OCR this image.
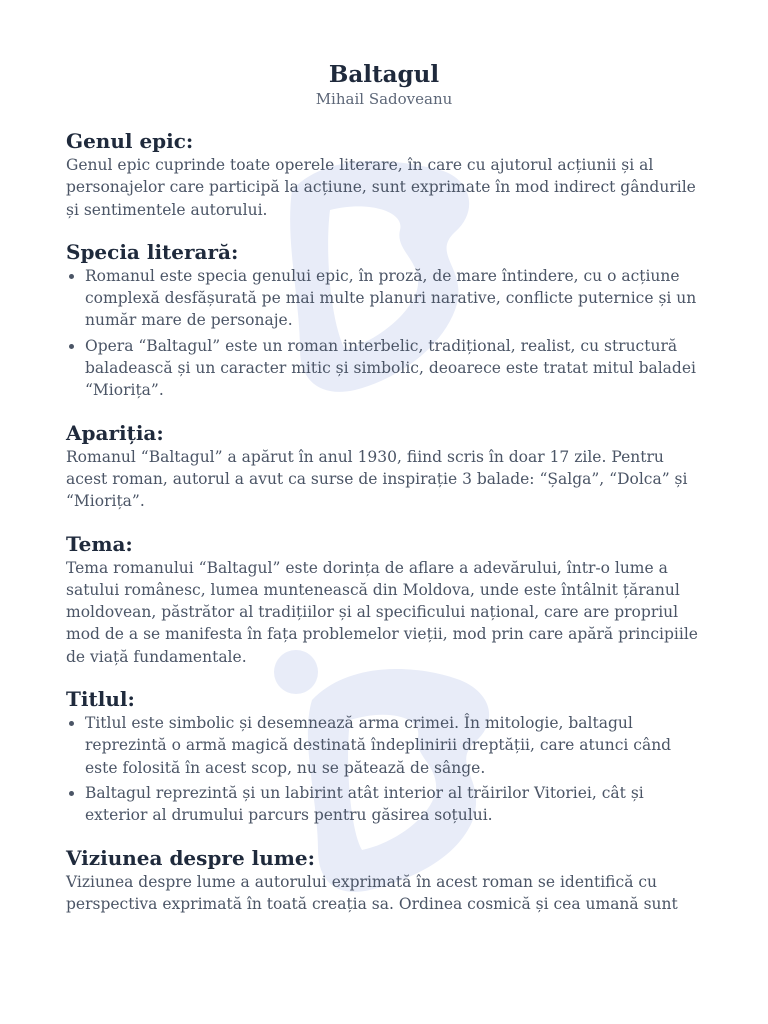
Baltagul
Mihail Sadoveanu
Genul epic:

Genul epic cuprinde toate operele literare, în care cu ajutorul acțiunii și al personajelor care participă la acțiune, sunt exprimate în mod indirect gândurile și sentimentele autorului.

Specia literară:
• Romanul este specia genului epic, în proză, de mare întindere, cu o acțiune complexă desfășurată pe mai multe planuri narative, conflicte puternice și un număr mare de personaje.
• Opera “Baltagul” este un roman interbelic, tradițional, realist, cu structură baladească și un caracter mitic și simbolic, deoarece este tratat mitul baladei “Miorița”.
Apariția:

Romanul “Baltagul” a apărut în anul 1930, fiind scris în doar 17 zile. Pentru acest roman, autorul a avut ca surse de inspirație 3 balade: “Șalga”, “Dolca” și “Miorița”.

Tema:

Tema romanului “Baltagul” este dorința de aflare a adevărului, într-o lume a satului românesc, lumea muntenească din Moldova, unde este întâlnit țăranul moldovean, păstrător al tradițiilor și al specificului național, care are propriul mod de a se manifesta în fața problemelor vieții, mod prin care apără principiile de viață fundamentale.

Titlul:
• Titlul este simbolic și desemnează arma crimei. În mitologie, baltagul reprezintă o armă magică destinată îndeplinirii dreptății, care atunci când este folosită în acest scop, nu se pătează de sânge.
• Baltagul reprezintă și un labirint atât interior al trăirilor Vitoriei, cât și exterior al drumului parcurs pentru găsirea soțului.
Viziunea despre lume:

Viziunea despre lume a autorului exprimată în acest roman se identifică cu perspectiva exprimată în toată creația sa. Ordinea cosmică și cea umană sunt
